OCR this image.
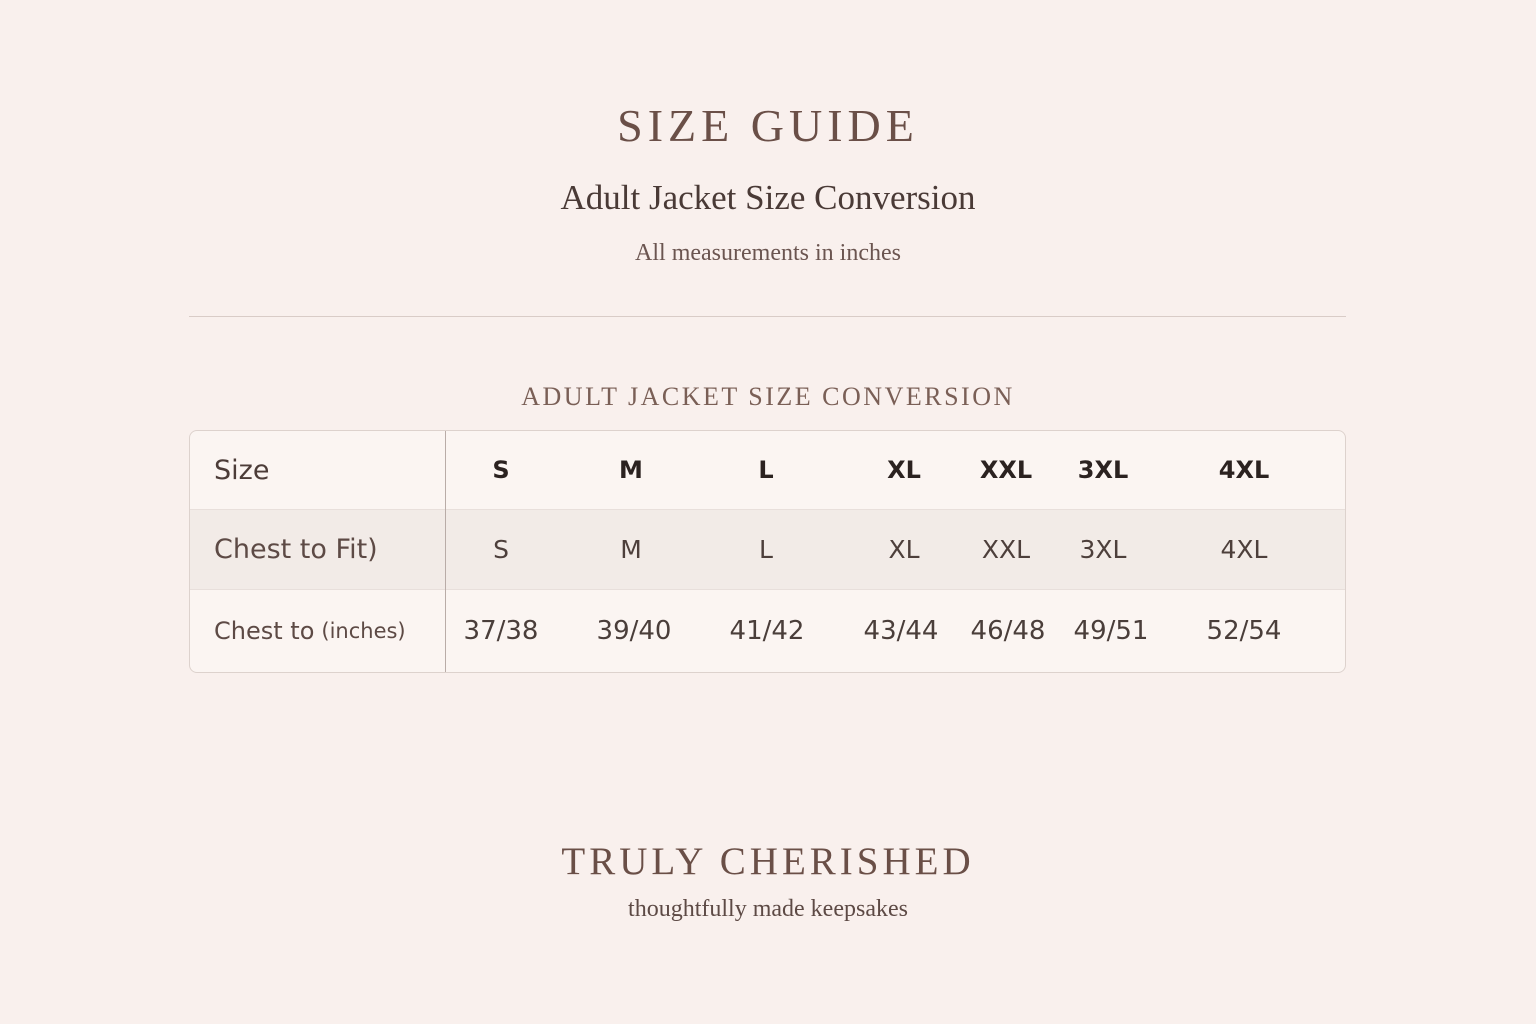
SIZE GUIDE
Adult Jacket Size Conversion
All measurements in inches
ADULT JACKET SIZE CONVERSION
Size	S	M	L	XL	XXL	3XL	4XL
Chest to Fit)	S	M	L	XL	XXL	3XL	4XL
Chest to (inches)	37/38	39/40	41/42	43/44	46/48	49/51	52/54
TRULY CHERISHED
thoughtfully made keepsakes
